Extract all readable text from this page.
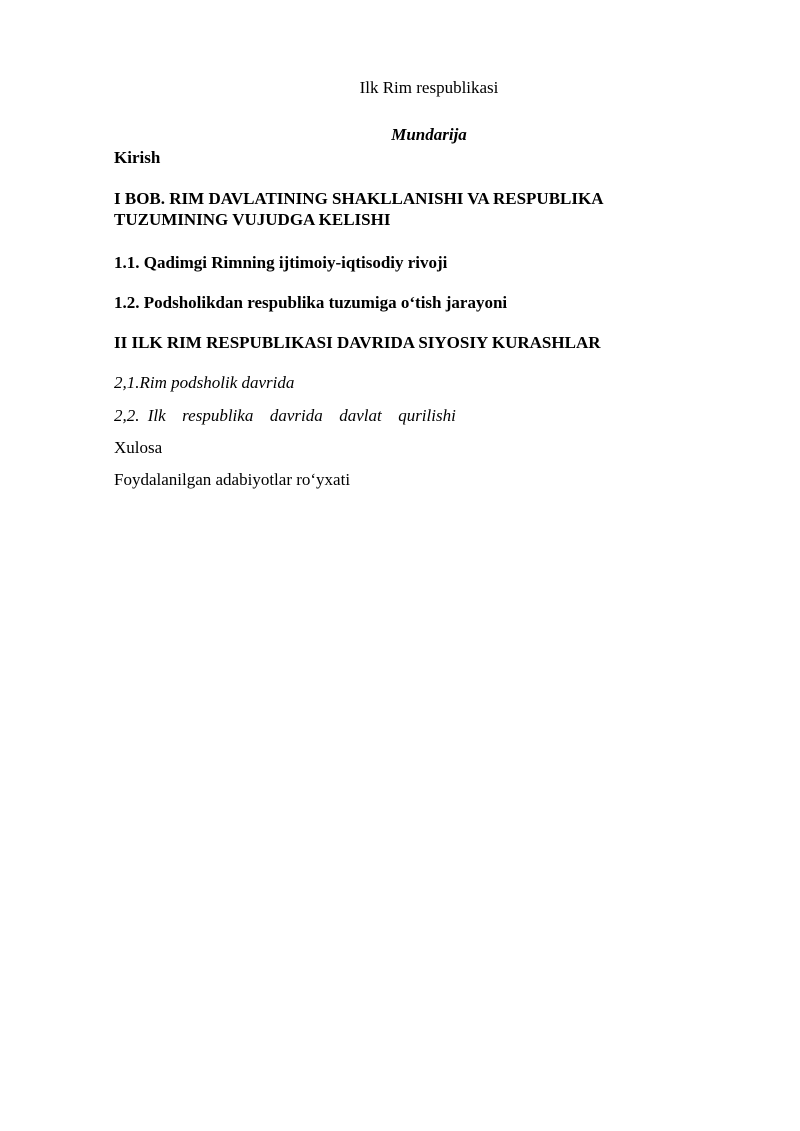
Ilk Rim respublikasi

Mundarija

Kirish

I BOB. RIM DAVLATINING SHAKLLANISHI VA RESPUBLIKA TUZUMINING VUJUDGA KELISHI

1.1. Qadimgi Rimning ijtimoiy-iqtisodiy rivoji

1.2. Podsholikdan respublika tuzumiga o‘tish jarayoni

II ILK RIM RESPUBLIKASI DAVRIDA SIYOSIY KURASHLAR

2,1.Rim podsholik davrida

2,2. Ilk  respublika  davrida  davlat  qurilishi

Xulosa

Foydalanilgan adabiyotlar ro‘yxati
